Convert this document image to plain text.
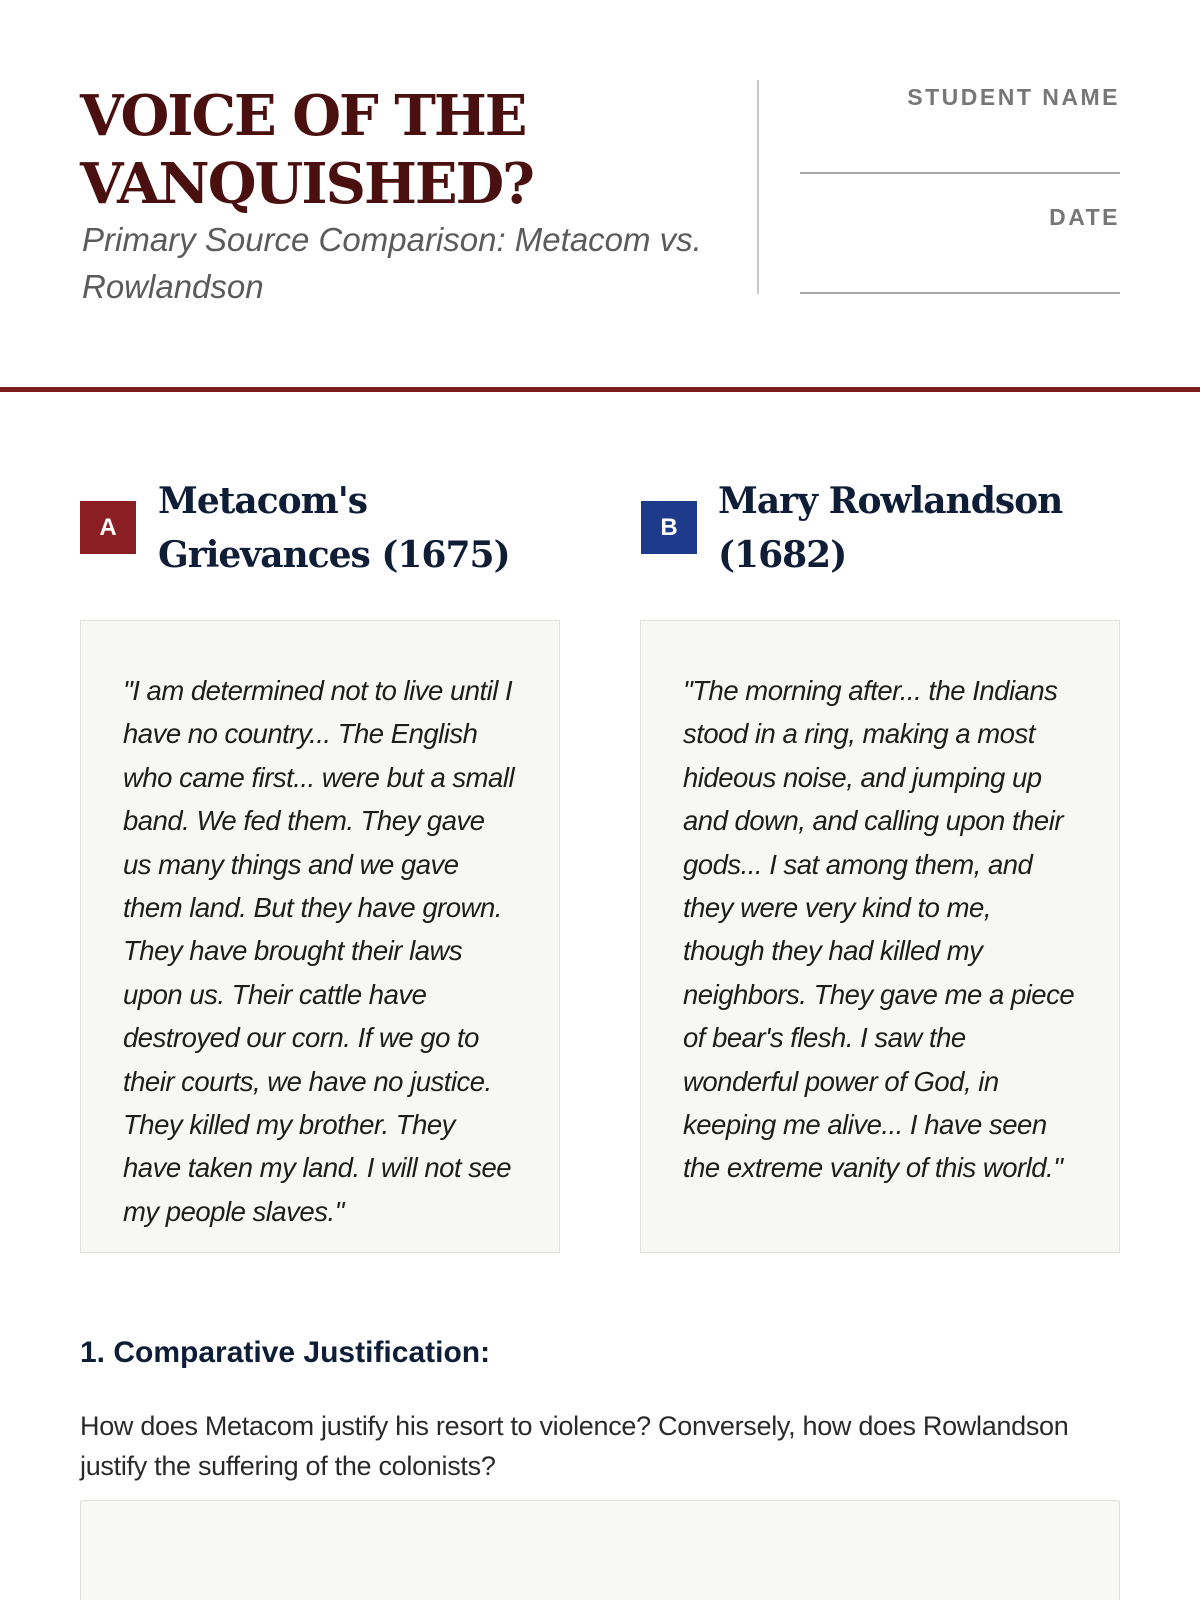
VOICE OF THE VANQUISHED?

Primary Source Comparison: Metacom vs. Rowlandson

STUDENT NAME
DATE
A
Metacom's Grievances (1675)

"I am determined not to live until I have no country... The English who came first... were but a small band. We fed them. They gave us many things and we gave them land. But they have grown. They have brought their laws upon us. Their cattle have destroyed our corn. If we go to their courts, we have no justice. They killed my brother. They have taken my land. I will not see my people slaves."

B
Mary Rowlandson (1682)

"The morning after... the Indians stood in a ring, making a most hideous noise, and jumping up and down, and calling upon their gods... I sat among them, and they were very kind to me, though they had killed my neighbors. They gave me a piece of bear's flesh. I saw the wonderful power of God, in keeping me alive... I have seen the extreme vanity of this world."

1. Comparative Justification:

How does Metacom justify his resort to violence? Conversely, how does Rowlandson justify the suffering of the colonists?
